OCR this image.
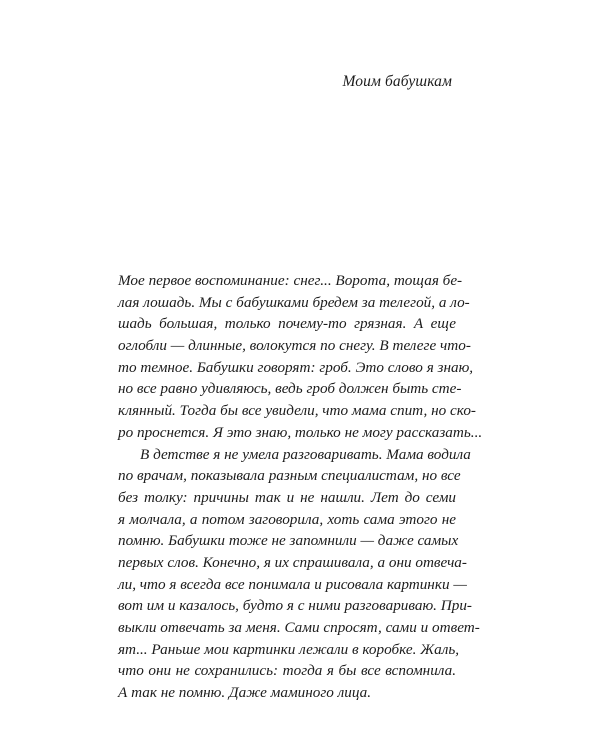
Моим бабушкам
Мое первое воспоминание: снег... Ворота, тощая бе-
лая лошадь. Мы с бабушками бредем за телегой, а ло-
шадь большая, только почему-то грязная. А еще
оглобли — длинные, волокутся по снегу. В телеге что-
то темное. Бабушки говорят: гроб. Это слово я знаю,
но все равно удивляюсь, ведь гроб должен быть сте-
клянный. Тогда бы все увидели, что мама спит, но ско-
ро проснется. Я это знаю, только не могу рассказать...
В детстве я не умела разговаривать. Мама водила
по врачам, показывала разным специалистам, но все
без толку: причины так и не нашли. Лет до семи
я молчала, а потом заговорила, хоть сама этого не
помню. Бабушки тоже не запомнили — даже самых
первых слов. Конечно, я их спрашивала, а они отвеча-
ли, что я всегда все понимала и рисовала картинки —
вот им и казалось, будто я с ними разговариваю. При-
выкли отвечать за меня. Сами спросят, сами и ответ-
ят... Раньше мои картинки лежали в коробке. Жаль,
что они не сохранились: тогда я бы все вспомнила.
А так не помню. Даже маминого лица.
